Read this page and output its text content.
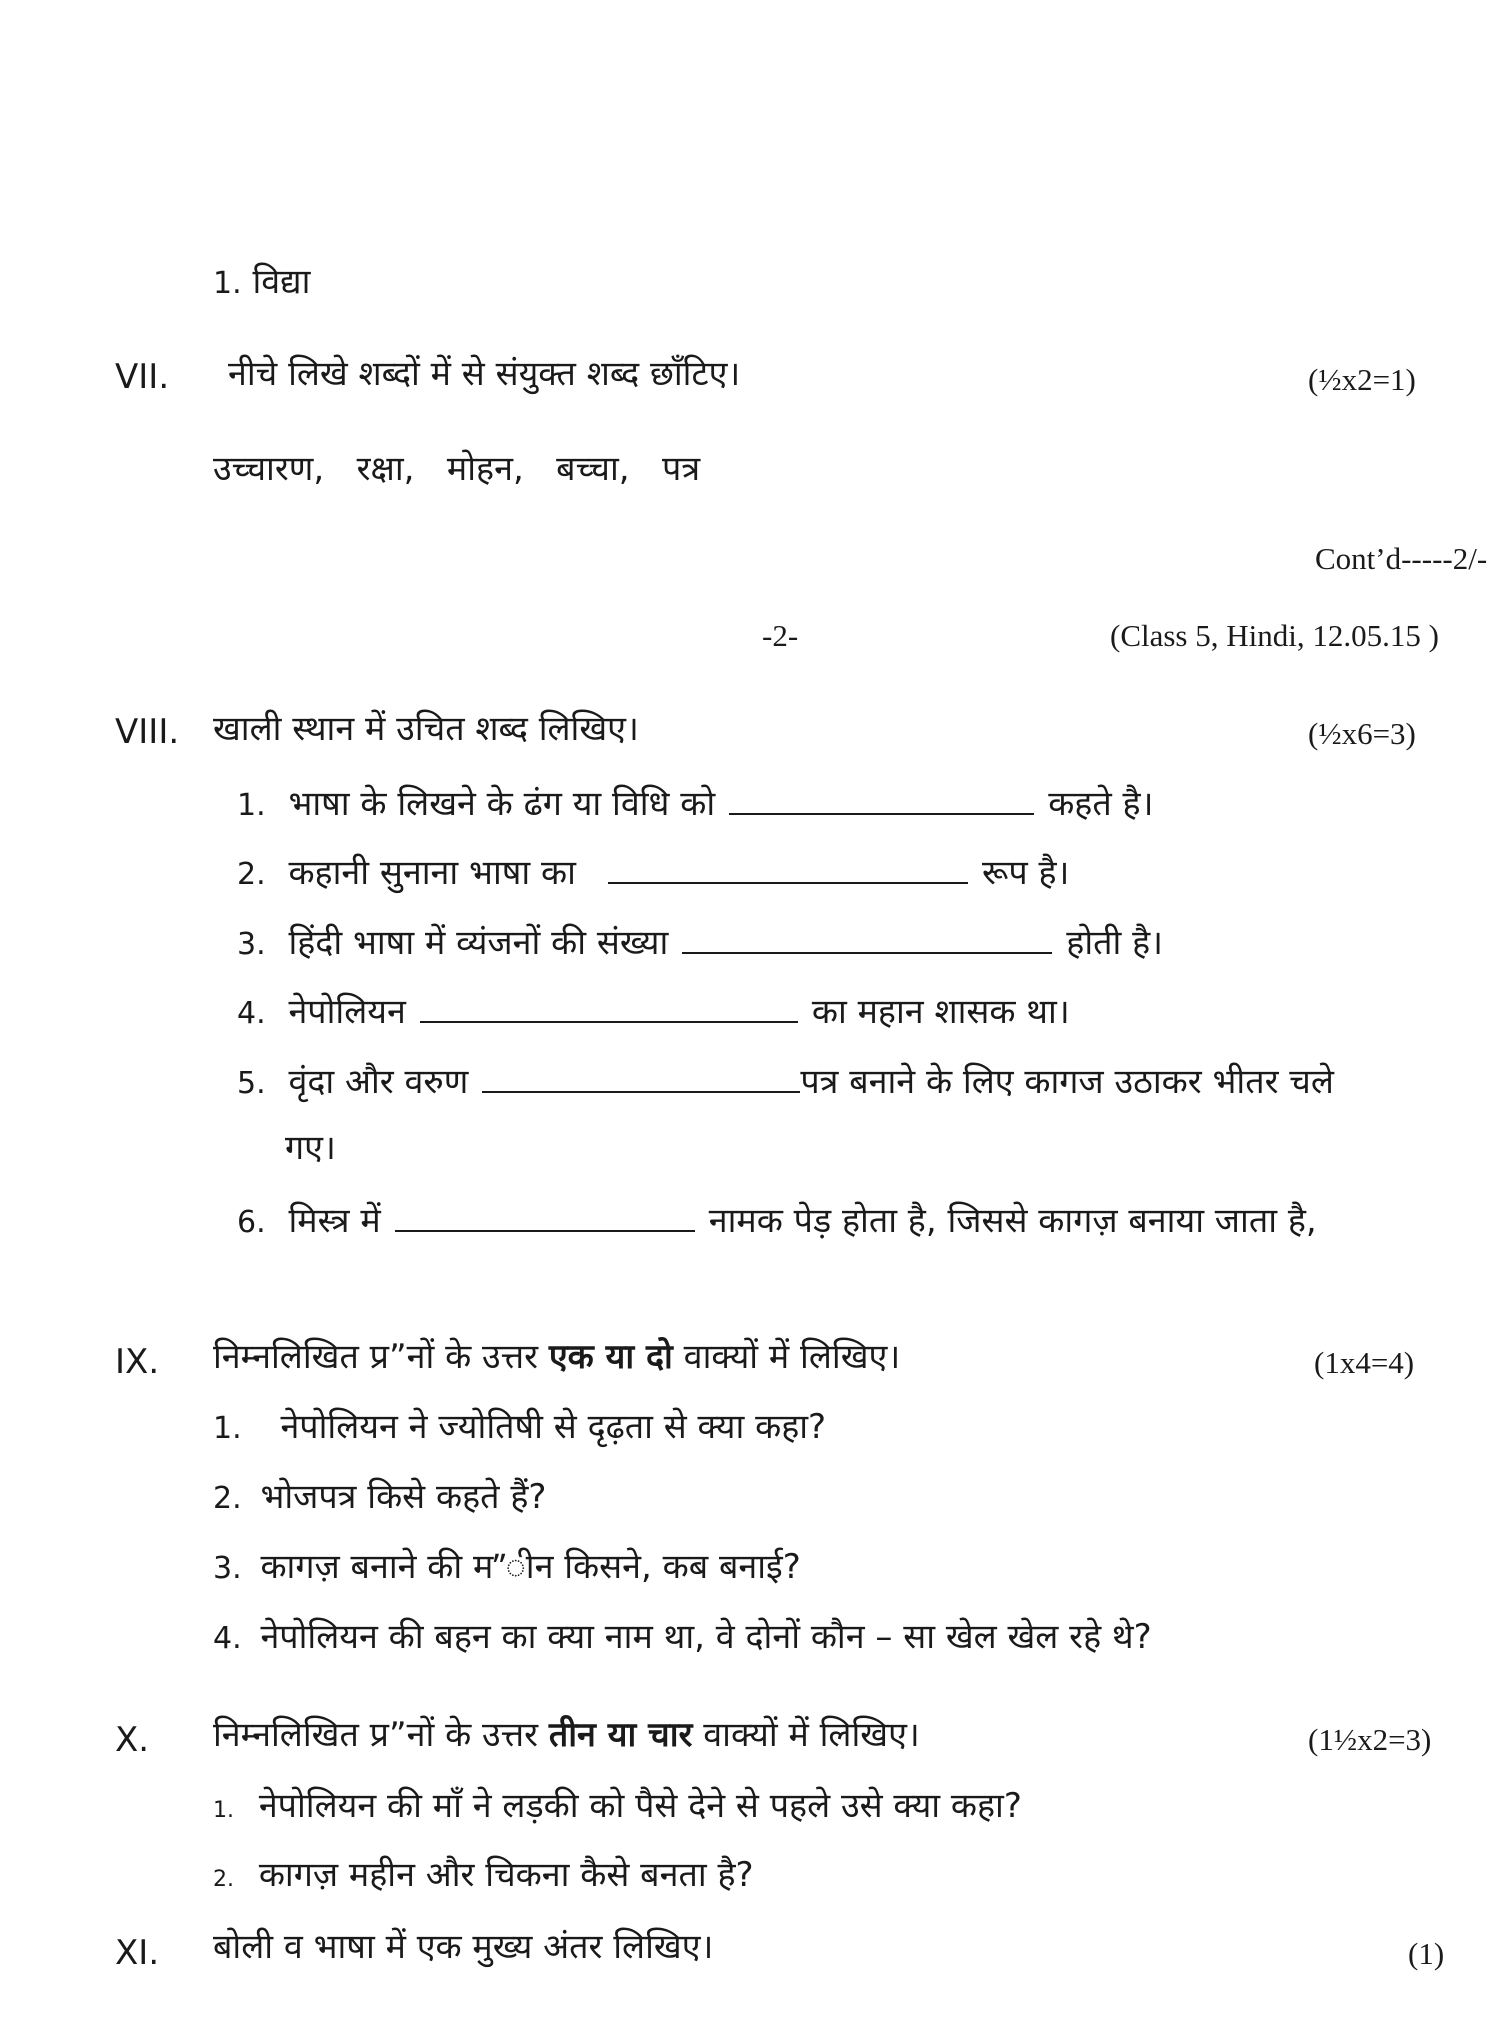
1. विद्या
VII. नीचे लिखे शब्दों में से संयुक्त शब्द छाँटिए।	(½x2=1)
उच्चारण,   रक्षा,   मोहन,   बच्चा,   पत्र
Cont’d-----2/-
-2-	(Class 5, Hindi, 12.05.15 )
VIII. खाली स्थान में उचित शब्द लिखिए।	(½x6=3)
1. भाषा के लिखने के ढंग या विधि को	कहते है।
2. कहानी सुनाना भाषा का	रूप है।
3. हिंदी भाषा में व्यंजनों की संख्या	होती है।
4. नेपोलियन	का महान शासक था।
5. वृंदा और वरुण	पत्र बनाने के लिए कागज उठाकर भीतर चले
गए।
6. मिस्त्र में	नामक पेड़ होता है, जिससे कागज़ बनाया जाता है,
IX. निम्नलिखित प्र”नों के उत्तर एक या दो वाक्यों में लिखिए।	(1x4=4)
1. नेपोलियन ने ज्योतिषी से दृढ़ता से क्या कहा?
2. भोजपत्र किसे कहते हैं?
3. कागज़ बनाने की म”ीन किसने, कब बनाई?
4. नेपोलियन की बहन का क्या नाम था, वे दोनों कौन – सा खेल खेल रहे थे?
X. निम्नलिखित प्र”नों के उत्तर तीन या चार वाक्यों में लिखिए।	(1½x2=3)
1. नेपोलियन की माँ ने लड़की को पैसे देने से पहले उसे क्या कहा?
2. कागज़ महीन और चिकना कैसे बनता है?
XI. बोली व भाषा में एक मुख्य अंतर लिखिए।	(1)
